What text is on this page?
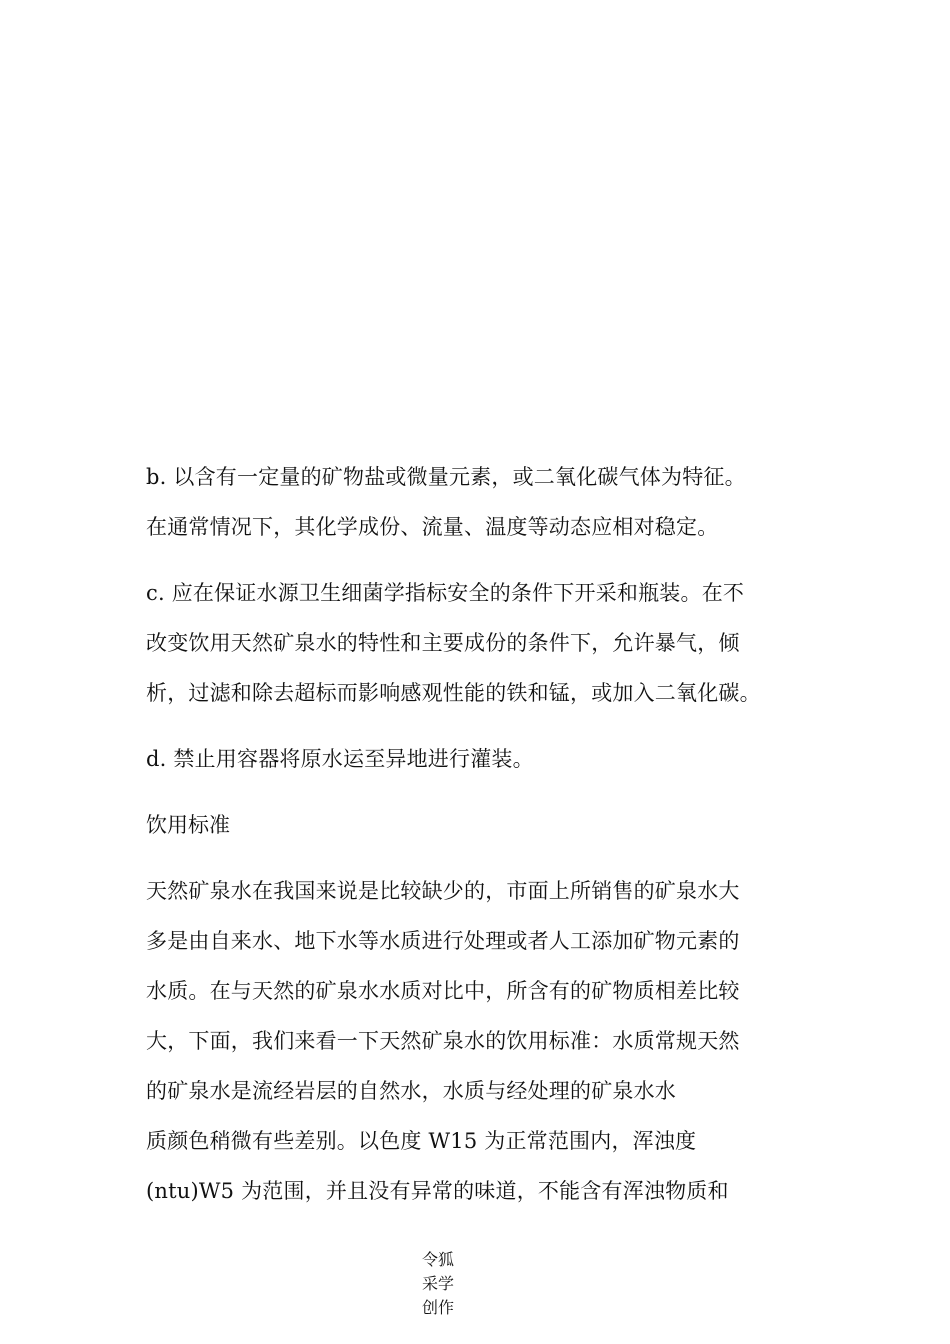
b. 以含有一定量的矿物盐或微量元素，或二氧化碳气体为特征。
在通常情况下，其化学成份、流量、温度等动态应相对稳定。
c. 应在保证水源卫生细菌学指标安全的条件下开采和瓶装。在不
改变饮用天然矿泉水的特性和主要成份的条件下，允许暴气，倾
析，过滤和除去超标而影响感观性能的铁和锰，或加入二氧化碳。
d. 禁止用容器将原水运至异地进行灌装。
饮用标准
天然矿泉水在我国来说是比较缺少的，市面上所销售的矿泉水大
多是由自来水、地下水等水质进行处理或者人工添加矿物元素的
水质。在与天然的矿泉水水质对比中，所含有的矿物质相差比较
大，下面，我们来看一下天然矿泉水的饮用标准：水质常规天然
的矿泉水是流经岩层的自然水，水质与经处理的矿泉水水
质颜色稍微有些差别。以色度 W15 为正常范围内，浑浊度
(ntu)W5 为范围，并且没有异常的味道，不能含有浑浊物质和
令狐
采学
创作
